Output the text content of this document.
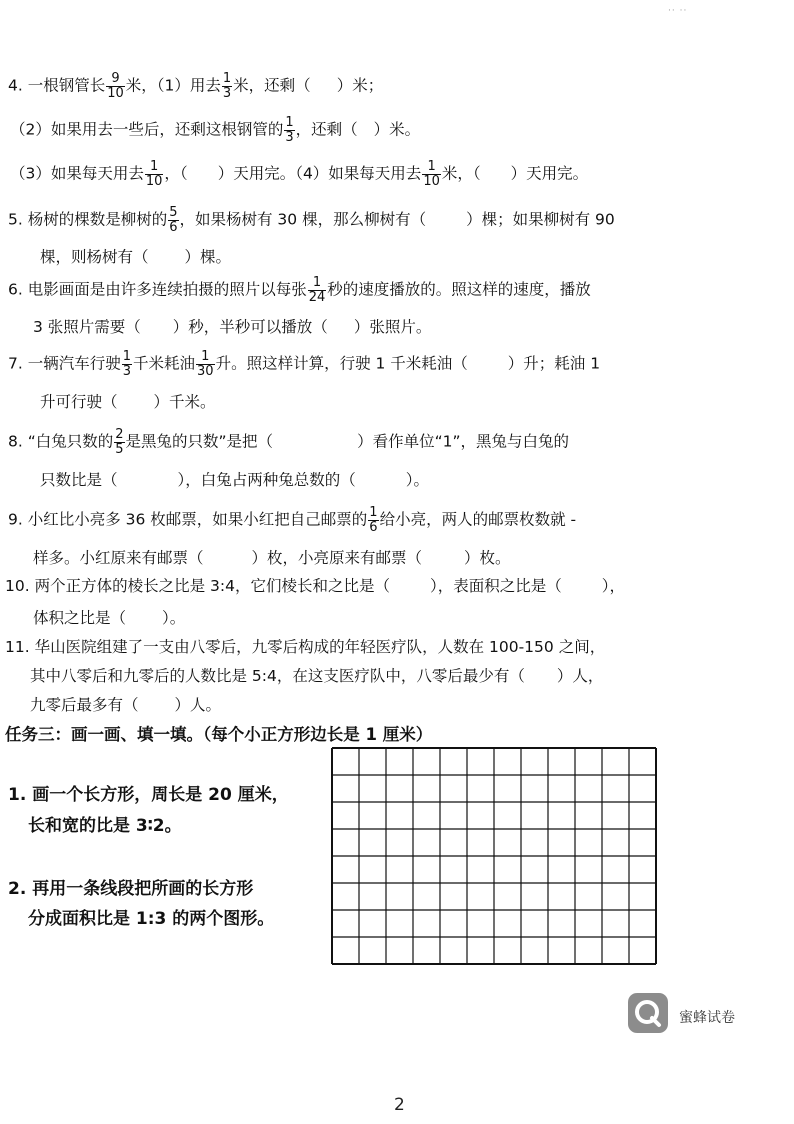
·· ··
4. 一根钢管长 $\frac{9}{10}$ 米，（1）用去 $\frac{1}{3}$ 米，还剩（ ）米；
（2）如果用去一些后，还剩这根钢管的 $\frac{1}{3}$ ，还剩（ ）米。
（3）如果每天用去 $\frac{1}{10}$ ，（ ）天用完。（4）如果每天用去 $\frac{1}{10}$ 米，（ ）天用完。
5. 杨树的棵数是柳树的 $\frac{5}{6}$ ，如果杨树有 30 棵，那么柳树有（	）棵；如果柳树有 90
棵，则杨树有（ ）棵。
6. 电影画面是由许多连续拍摄的照片以每张 $\frac{1}{24}$ 秒的速度播放的。照这样的速度，播放
3 张照片需要（ ）秒，半秒可以播放（ ）张照片。
7. 一辆汽车行驶 $\frac{1}{3}$ 千米耗油 $\frac{1}{30}$ 升。照这样计算，行驶 1 千米耗油（	）升；耗油 1
升可行驶（ ）千米。
8. “白兔只数的 $\frac{2}{5}$ 是黑兔的只数”是把（	）看作单位“1”，黑兔与白兔的
只数比是（	），白兔占两种兔总数的（	）。
9. 小红比小亮多 36 枚邮票，如果小红把自己邮票的 $\frac{1}{6}$ 给小亮，两人的邮票枚数就 -
样多。小红原来有邮票（	）枚，小亮原来有邮票（	）枚。
10. 两个正方体的棱长之比是 3:4，它们棱长和之比是（	），表面积之比是（	），
体积之比是（ ）。
11. 华山医院组建了一支由八零后，九零后构成的年轻医疗队，人数在 100-150 之间，
其中八零后和九零后的人数比是 5:4，在这支医疗队中，八零后最少有（ ）人，
九零后最多有（ ）人。
任务三：画一画、填一填。（每个小正方形边长是 1 厘米）
1. 画一个长方形，周长是 20 厘米，
长和宽的比是 3∶2。
2. 再用一条线段把所画的长方形
分成面积比是 1:3 的两个图形。
蜜蜂试卷
2
